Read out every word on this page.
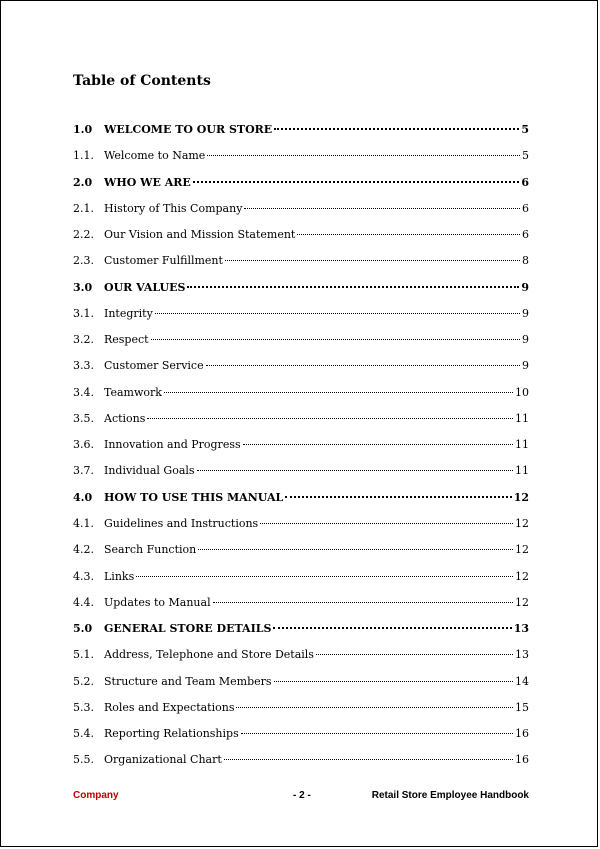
Table of Contents
1.0	WELCOME TO OUR STORE	5
1.1. Welcome to Name	5
2.0	WHO WE ARE	6
2.1. History of This Company	6
2.2. Our Vision and Mission Statement	6
2.3. Customer Fulfillment	8
3.0	OUR VALUES	9
3.1. Integrity	9
3.2. Respect	9
3.3. Customer Service	9
3.4. Teamwork	10
3.5. Actions	11
3.6. Innovation and Progress	11
3.7. Individual Goals	11
4.0	HOW TO USE THIS MANUAL	12
4.1. Guidelines and Instructions	12
4.2. Search Function	12
4.3. Links	12
4.4. Updates to Manual	12
5.0	GENERAL STORE DETAILS	13
5.1. Address, Telephone and Store Details	13
5.2. Structure and Team Members	14
5.3. Roles and Expectations	15
5.4. Reporting Relationships	16
5.5. Organizational Chart	16
Company	- 2 -	Retail Store Employee Handbook
